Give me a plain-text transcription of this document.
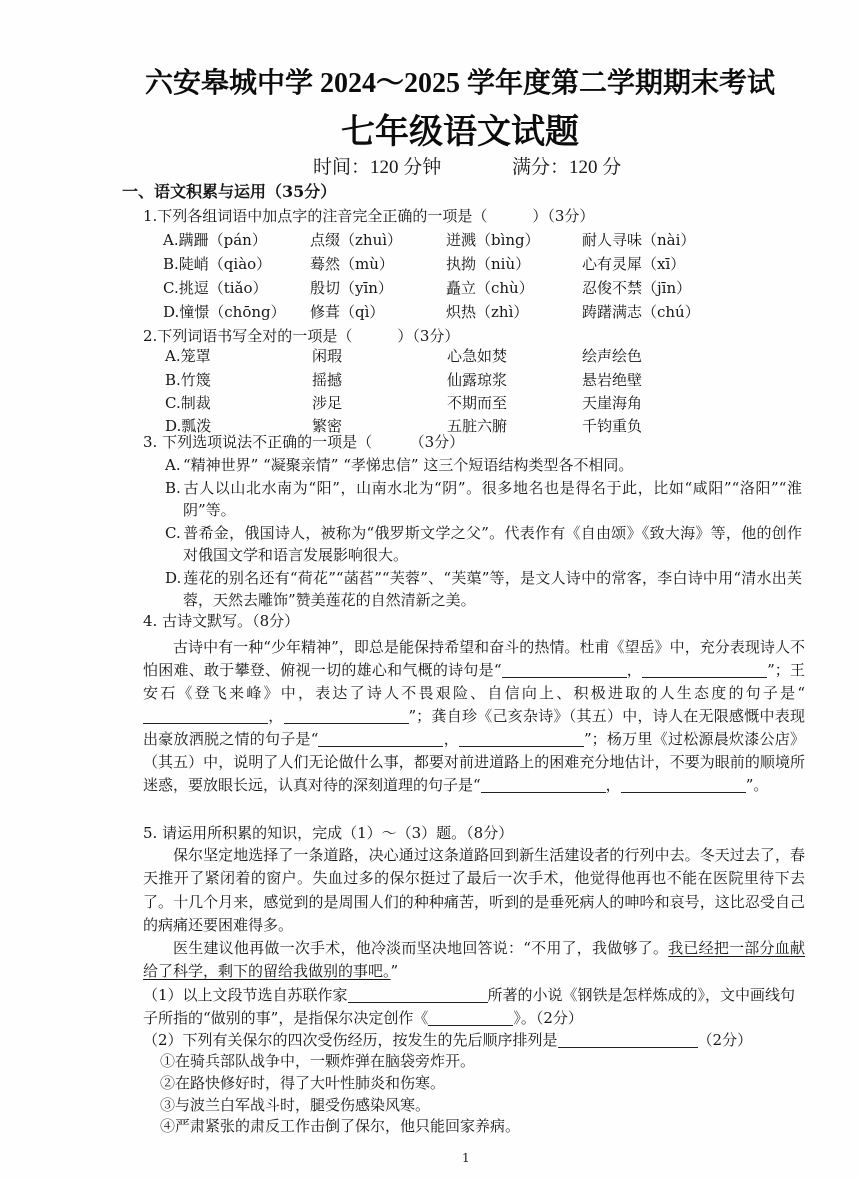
六安皋城中学 2024～2025 学年度第二学期期末考试
七年级语文试题
时间：120 分钟	满分：120 分
一、语文积累与运用（35分）
1.下列各组词语中加点字的注音完全正确的一项是（　　　）（3分）
A.蹒跚（pán）	点缀（zhuì）	迸溅（bìng）	耐人寻味（nài）
B.陡峭（qiào）	蓦然（mù）	执拗（niù）	心有灵犀（xī）
C.挑逗（tiǎo）	殷切（yīn）	矗立（chù）	忍俊不禁（jīn）
D.憧憬（chōng）	修葺（qì）	炽热（zhì）	踌躇满志（chú）
2.下列词语书写全对的一项是（　　　）（3分）
A.笼罩	闲瑕	心急如焚	绘声绘色
B.竹篾	摇撼	仙露琼浆	悬岩绝壁
C.制裁	涉足	不期而至	天崖海角
D.瓢泼	繁密	五脏六腑	千钧重负
3. 下列选项说法不正确的一项是（　　　（3分）
A. “精神世界” “凝聚亲情” “孝悌忠信” 这三个短语结构类型各不相同。
B. 古人以山北水南为“阳”，山南水北为“阴”。很多地名也是得名于此，比如“咸阳”“洛阳”“淮阴”等。
C. 普希金，俄国诗人，被称为“俄罗斯文学之父”。代表作有《自由颂》《致大海》等，他的创作对俄国文学和语言发展影响很大。
D. 莲花的别名还有“荷花”“菡萏”“芙蓉”、“芙蕖”等，是文人诗中的常客，李白诗中用“清水出芙蓉，天然去雕饰”赞美莲花的自然清新之美。
4. 古诗文默写。（8分）

古诗中有一种“少年精神”，即总是能保持希望和奋斗的热情。杜甫《望岳》中，充分表现诗人不怕困难、敢于攀登、俯视一切的雄心和气概的诗句是“	，	”；王安石《登飞来峰》中，表达了诗人不畏艰险、自信向上、积极进取的人生态度的句子是“，	”；龚自珍《己亥杂诗》（其五）中，诗人在无限感慨中表现出豪放洒脱之情的句子是“	，	”；杨万里《过松源晨炊漆公店》（其五）中，说明了人们无论做什么事，都要对前进道路上的困难充分地估计，不要为眼前的顺境所迷惑，要放眼长远，认真对待的深刻道理的句子是“	，	”。

5. 请运用所积累的知识，完成（1）～（3）题。（8分）

保尔坚定地选择了一条道路，决心通过这条道路回到新生活建设者的行列中去。冬天过去了，春天推开了紧闭着的窗户。失血过多的保尔挺过了最后一次手术，他觉得他再也不能在医院里待下去了。十几个月来，感觉到的是周围人们的种种痛苦，听到的是垂死病人的呻吟和哀号，这比忍受自己的病痛还要困难得多。

医生建议他再做一次手术，他冷淡而坚决地回答说：“不用了，我做够了。我已经把一部分血献给了科学，剩下的留给我做别的事吧。”

（1）以上文段节选自苏联作家	所著的小说《钢铁是怎样炼成的》，文中画线句子所指的“做别的事”，是指保尔决定创作《	》。（2分）

（2）下列有关保尔的四次受伤经历，按发生的先后顺序排列是	（2分）

①在骑兵部队战争中，一颗炸弹在脑袋旁炸开。
②在路快修好时，得了大叶性肺炎和伤寒。
③与波兰白军战斗时，腿受伤感染风寒。
④严肃紧张的肃反工作击倒了保尔，他只能回家养病。
1
